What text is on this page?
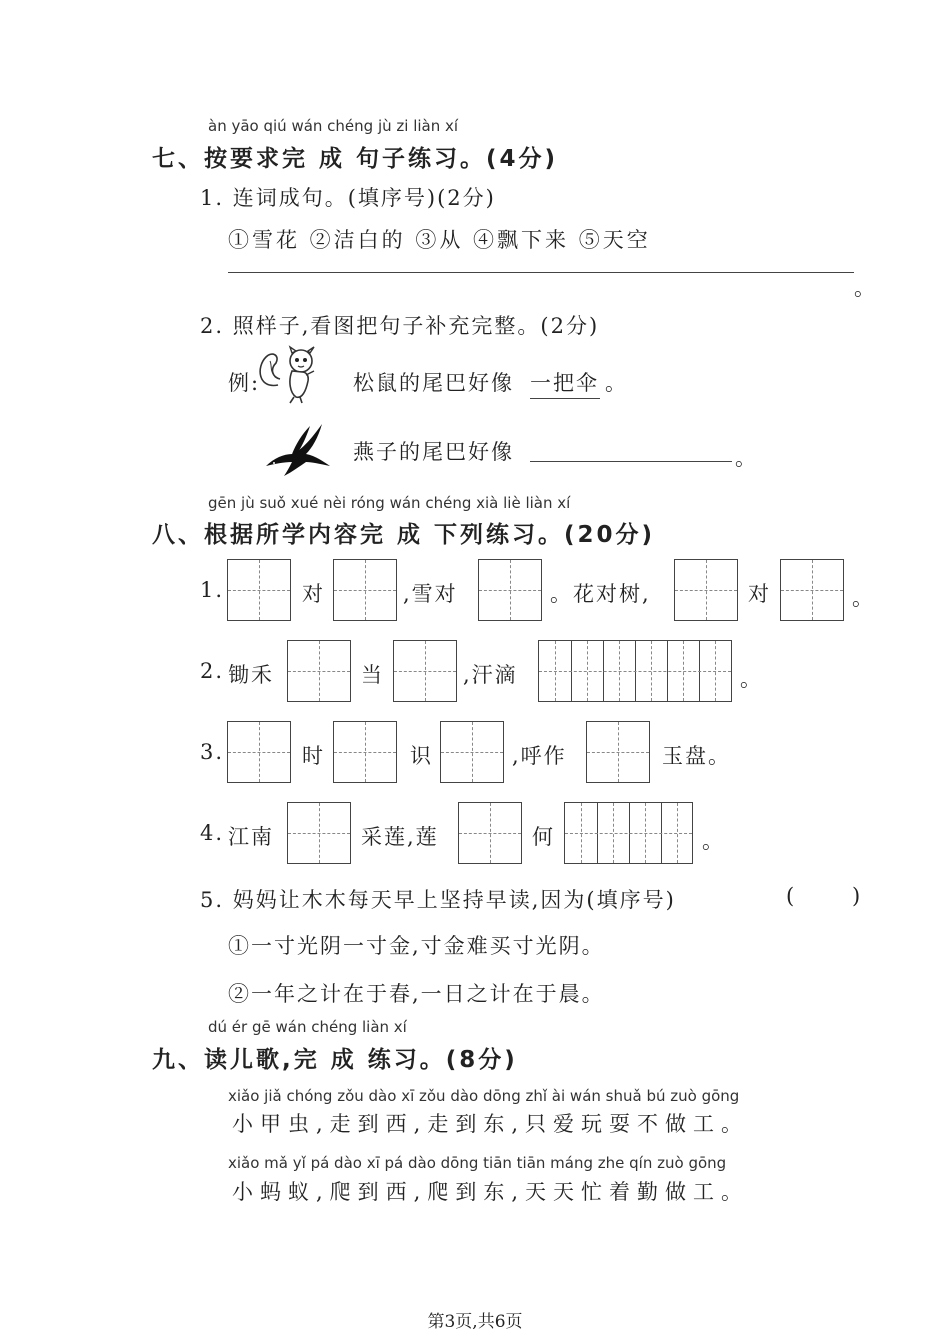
àn yāo qiú wán chéng jù zi liàn xí
七、按要求完 成 句子练习。(4分)
1. 连词成句。(填序号)(2分)
①雪花 ②洁白的 ③从 ④飘下来 ⑤天空
。
2. 照样子,看图把句子补充完整。(2分)
例:	松鼠的尾巴好像 一把伞 。
燕子的尾巴好像	。
gēn jù suǒ xué nèi róng wán chéng xià liè liàn xí
八、根据所学内容完 成 下列练习。(20分)
1.	对	,雪对	。花对树,	对	。
2. 锄禾	当	,汗滴	。
3.	时	识	,呼作	玉盘。
4. 江南	采莲,莲	何	。
5. 妈妈让木木每天早上坚持早读,因为(填序号)	(	)
①一寸光阴一寸金,寸金难买寸光阴。
②一年之计在于春,一日之计在于晨。
dú ér gē wán chéng liàn xí
九、读儿歌,完 成 练习。(8分)
xiǎo jiǎ chóng zǒu dào xī zǒu dào dōng zhǐ ài wán shuǎ bú zuò gōng
小甲虫,走到西,走到东,只爱玩耍不做工。
xiǎo mǎ yǐ pá dào xī pá dào dōng tiān tiān máng zhe qín zuò gōng
小蚂蚁,爬到西,爬到东,天天忙着勤做工。
第3页,共6页
